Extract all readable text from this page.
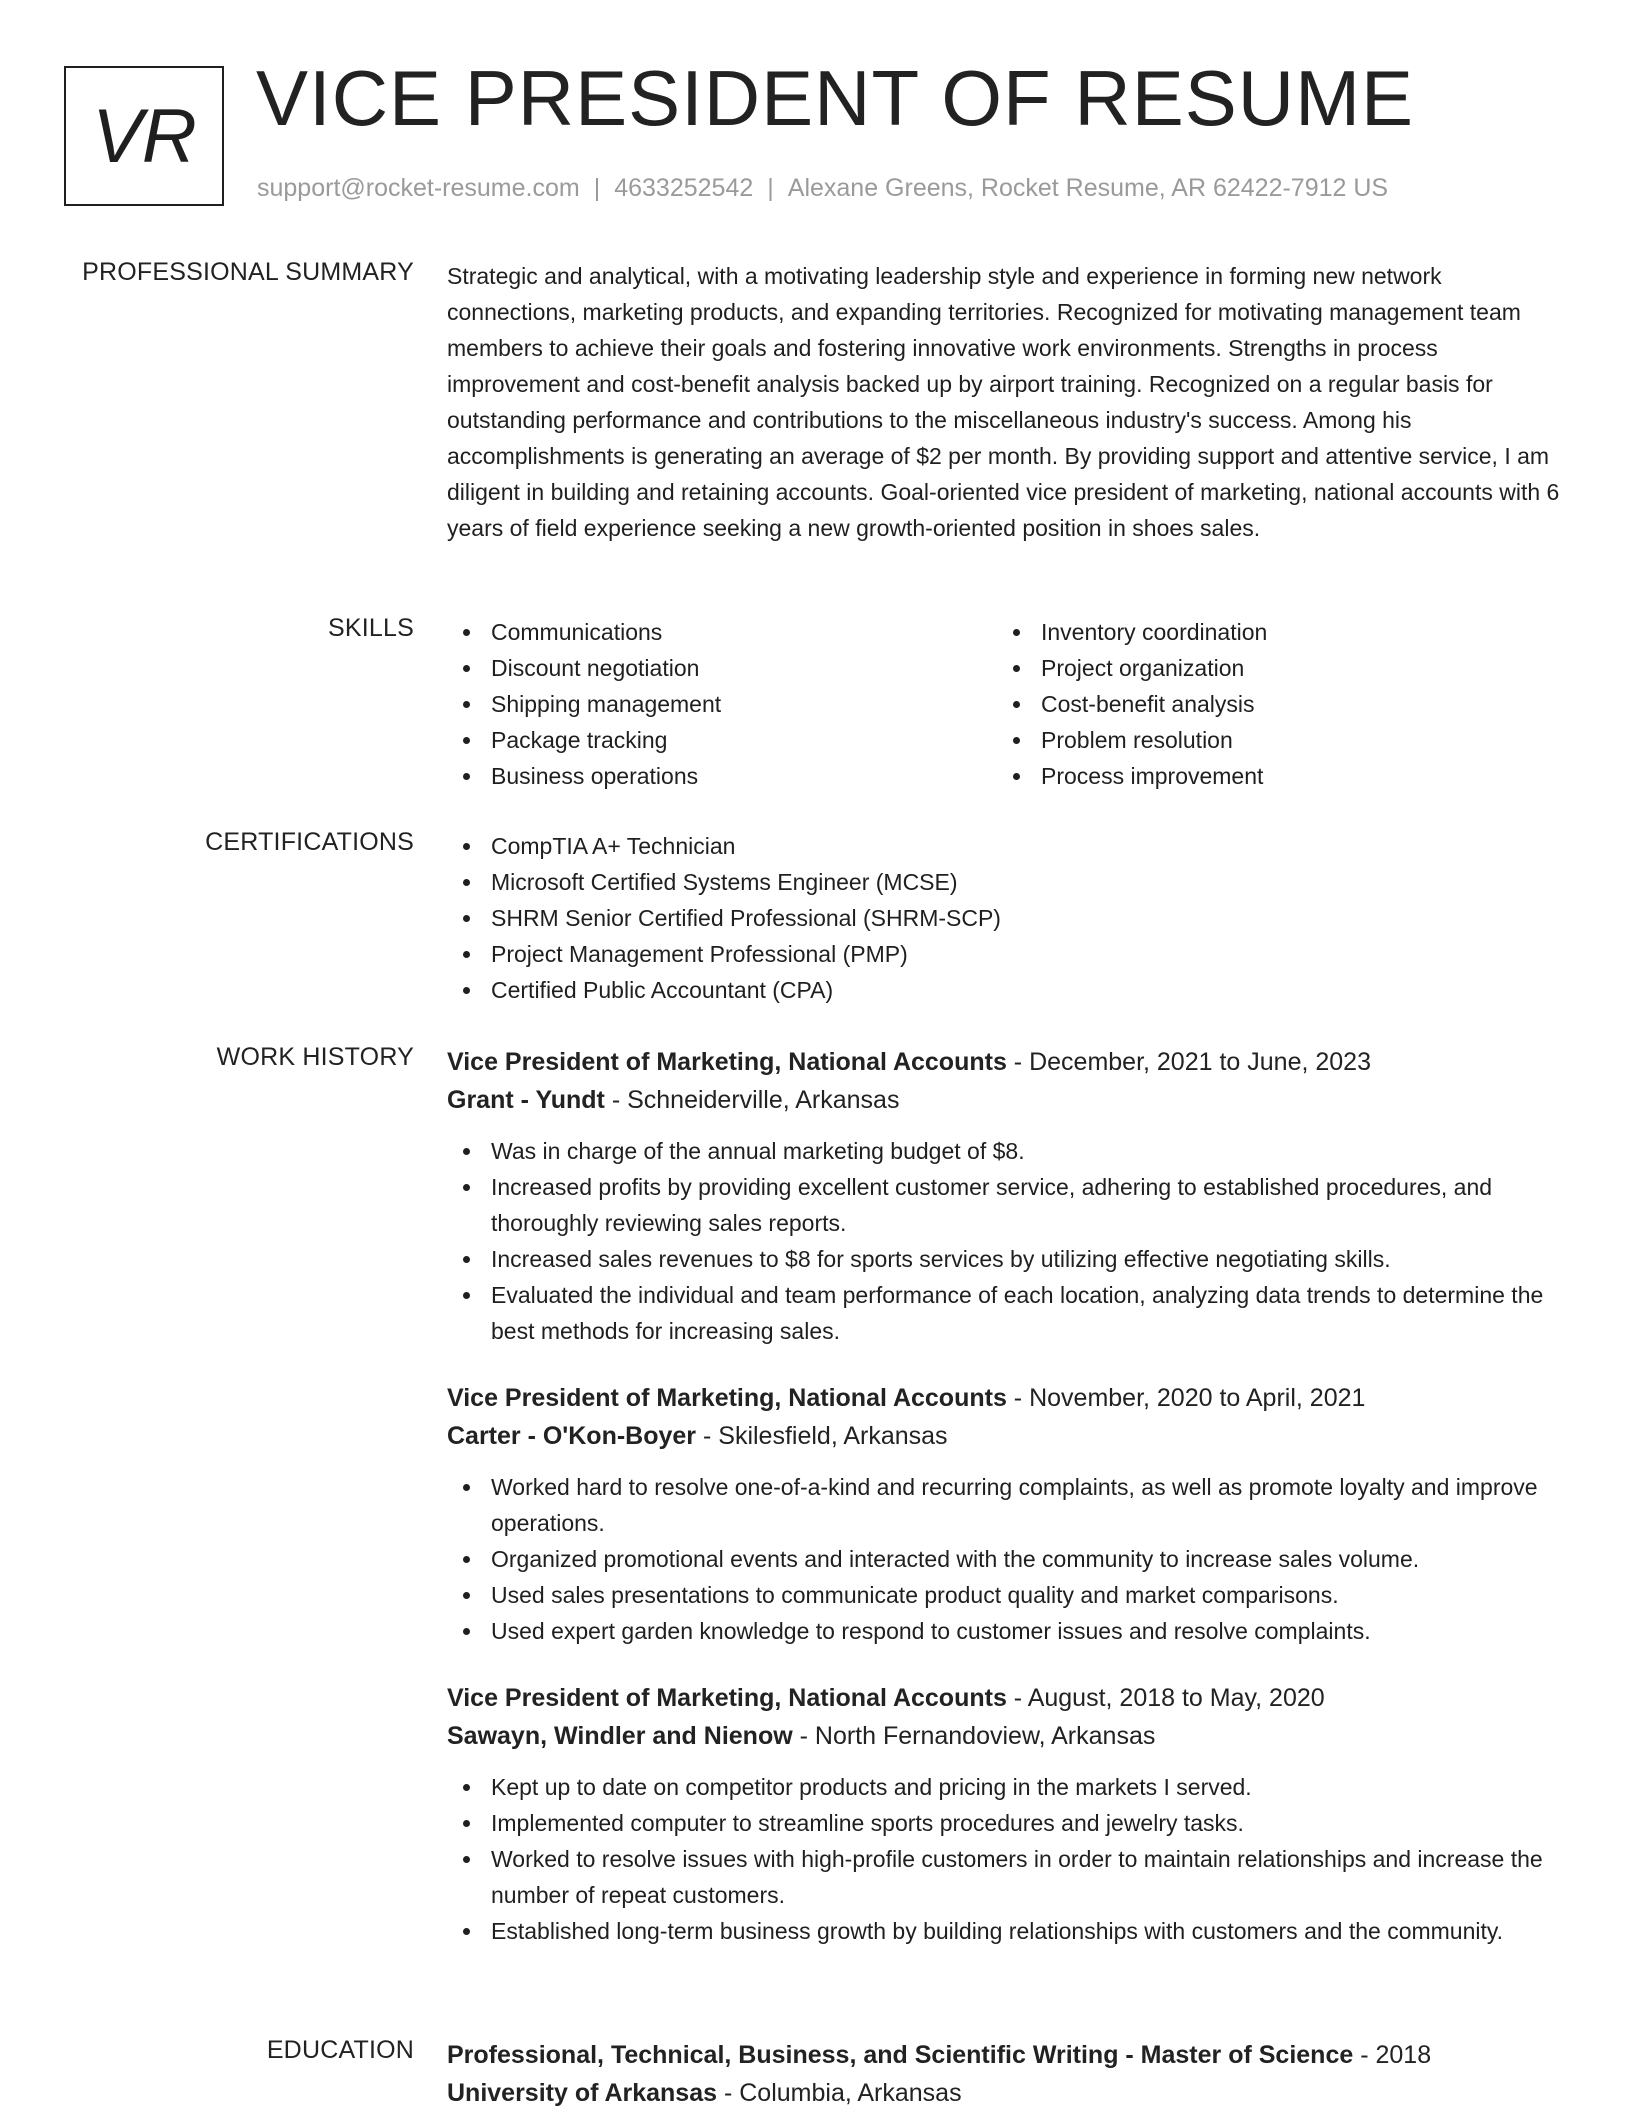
VR VICE PRESIDENT OF RESUME
support@rocket-resume.com | 4633252542 | Alexane Greens, Rocket Resume, AR 62422-7912 US
PROFESSIONAL SUMMARY Strategic and analytical, with a motivating leadership style and experience in forming new network connections, marketing products, and expanding territories. Recognized for motivating management team members to achieve their goals and fostering innovative work environments. Strengths in process improvement and cost-benefit analysis backed up by airport training. Recognized on a regular basis for outstanding performance and contributions to the miscellaneous industry's success. Among his accomplishments is generating an average of $2 per month. By providing support and attentive service, I am diligent in building and retaining accounts. Goal-oriented vice president of marketing, national accounts with 6 years of field experience seeking a new growth-oriented position in shoes sales.
SKILLS	Communications
Discount negotiation
Shipping management
Package tracking
Business operations
Inventory coordination
Project organization
Cost-benefit analysis
Problem resolution
Process improvement
CERTIFICATIONS	CompTIA A+ Technician
Microsoft Certified Systems Engineer (MCSE)
SHRM Senior Certified Professional (SHRM-SCP)
Project Management Professional (PMP)
Certified Public Accountant (CPA)
WORK HISTORY Vice President of Marketing, National Accounts - December, 2021 to June, 2023
Grant - Yundt - Schneiderville, Arkansas
Was in charge of the annual marketing budget of $8.
Increased profits by providing excellent customer service, adhering to established procedures, and thoroughly reviewing sales reports.
Increased sales revenues to $8 for sports services by utilizing effective negotiating skills.
Evaluated the individual and team performance of each location, analyzing data trends to determine the best methods for increasing sales.
Vice President of Marketing, National Accounts - November, 2020 to April, 2021
Carter - O'Kon-Boyer - Skilesfield, Arkansas
Worked hard to resolve one-of-a-kind and recurring complaints, as well as promote loyalty and improve operations.
Organized promotional events and interacted with the community to increase sales volume.
Used sales presentations to communicate product quality and market comparisons.
Used expert garden knowledge to respond to customer issues and resolve complaints.
Vice President of Marketing, National Accounts - August, 2018 to May, 2020
Sawayn, Windler and Nienow - North Fernandoview, Arkansas
Kept up to date on competitor products and pricing in the markets I served.
Implemented computer to streamline sports procedures and jewelry tasks.
Worked to resolve issues with high-profile customers in order to maintain relationships and increase the number of repeat customers.
Established long-term business growth by building relationships with customers and the community.
EDUCATION Professional, Technical, Business, and Scientific Writing - Master of Science - 2018
University of Arkansas - Columbia, Arkansas
